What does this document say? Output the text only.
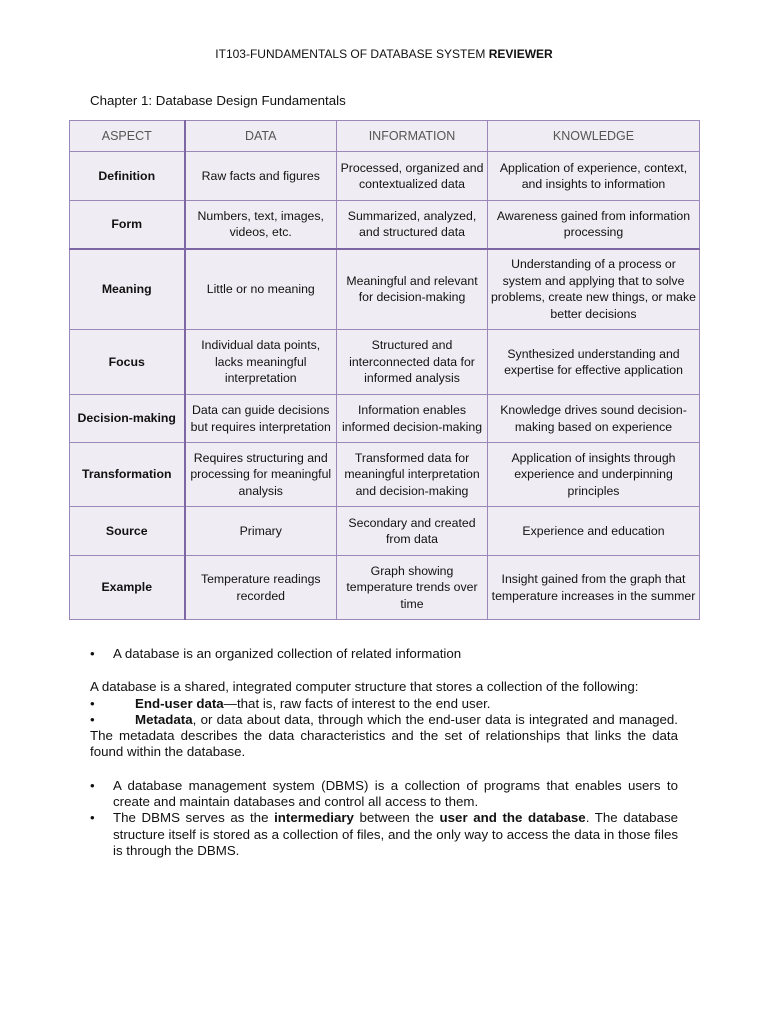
IT103-FUNDAMENTALS OF DATABASE SYSTEM REVIEWER
Chapter 1: Database Design Fundamentals
ASPECT	DATA	INFORMATION	KNOWLEDGE
Definition	Raw facts and figures	Processed, organized and contextualized data	Application of experience, context, and insights to information
Form	Numbers, text, images, videos, etc.	Summarized, analyzed, and structured data	Awareness gained from information processing
Meaning	Little or no meaning	Meaningful and relevant for decision-making	Understanding of a process or system and applying that to solve problems, create new things, or make better decisions
Focus	Individual data points, lacks meaningful interpretation	Structured and interconnected data for informed analysis	Synthesized understanding and expertise for effective application
Decision-making	Data can guide decisions but requires interpretation	Information enables informed decision-making	Knowledge drives sound decision-making based on experience
Transformation	Requires structuring and processing for meaningful analysis	Transformed data for meaningful interpretation and decision-making	Application of insights through experience and underpinning principles
Source	Primary	Secondary and created from data	Experience and education
Example	Temperature readings recorded	Graph showing temperature trends over time	Insight gained from the graph that temperature increases in the summer
• A database is an organized collection of related information
A database is a shared, integrated computer structure that stores a collection of the following:
•	End-user data—that is, raw facts of interest to the end user.
•	Metadata, or data about data, through which the end-user data is integrated and managed. The metadata describes the data characteristics and the set of relationships that links the data found within the database.
• A database management system (DBMS) is a collection of programs that enables users to create and maintain databases and control all access to them.
• The DBMS serves as the intermediary between the user and the database. The database structure itself is stored as a collection of files, and the only way to access the data in those files is through the DBMS.
